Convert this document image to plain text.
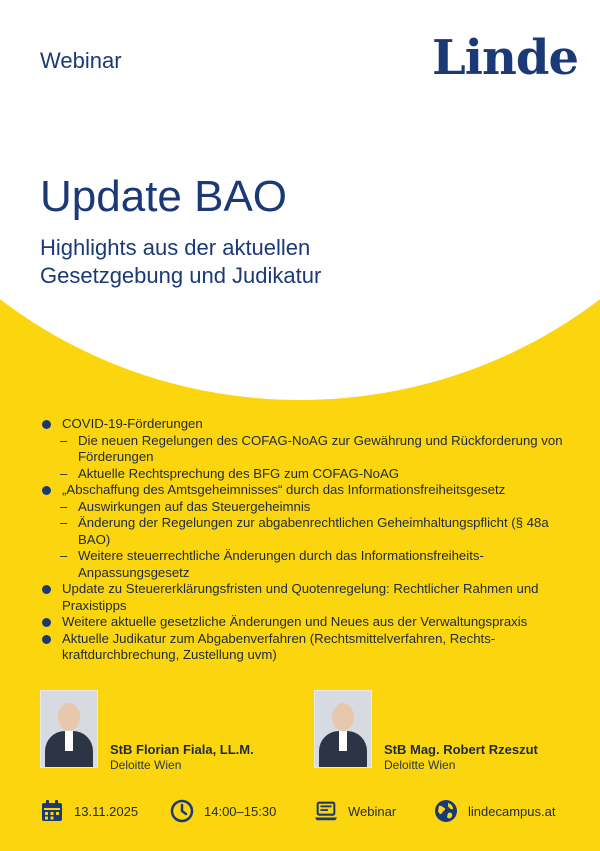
Webinar	Linde
Update BAO
Highlights aus der aktuellen
Gesetzgebung und Judikatur
COVID-19-Förderungen
– Die neuen Regelungen des COFAG-NoAG zur Gewährung und Rückforderung von Förderungen
– Aktuelle Rechtsprechung des BFG zum COFAG-NoAG
„Abschaffung des Amtsgeheimnisses“ durch das Informationsfreiheitsgesetz
– Auswirkungen auf das Steuergeheimnis
– Änderung der Regelungen zur abgabenrechtlichen Geheimhaltungspflicht (§ 48a BAO)
– Weitere steuerrechtliche Änderungen durch das Informationsfreiheits-Anpassungsgesetz
Update zu Steuererklärungsfristen und Quotenregelung: Rechtlicher Rahmen und Praxistipps
Weitere aktuelle gesetzliche Änderungen und Neues aus der Verwaltungspraxis
Aktuelle Judikatur zum Abgabenverfahren (Rechtsmittelverfahren, Rechts-kraftdurchbrechung, Zustellung uvm)
StB Florian Fiala, LL.M.
Deloitte Wien
StB Mag. Robert Rzeszut
Deloitte Wien
13.11.2025	14:00–15:30	Webinar	lindecampus.at
